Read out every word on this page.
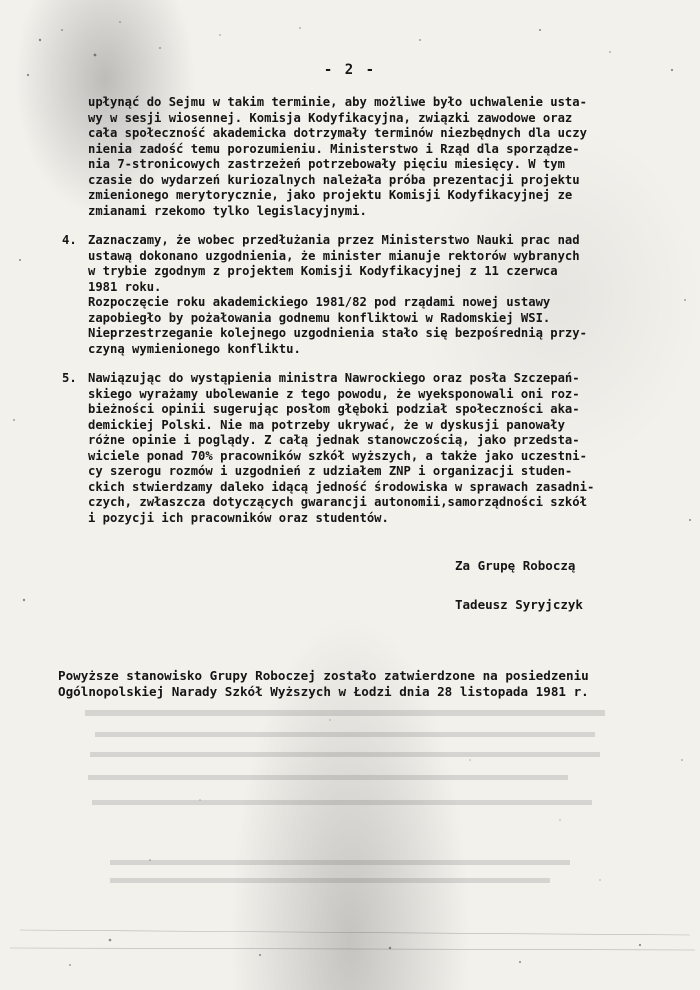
- 2 -
upłynąć do Sejmu w takim terminie, aby możliwe było uchwalenie usta-
wy w sesji wiosennej. Komisja Kodyfikacyjna, związki zawodowe oraz
cała społeczność akademicka dotrzymały terminów niezbędnych dla uczy
nienia zadość temu porozumieniu. Ministerstwo i Rząd dla sporządze-
nia 7-stronicowych zastrzeżeń potrzebowały pięciu miesięcy. W tym
czasie do wydarzeń kuriozalnych należała próba prezentacji projektu
zmienionego merytorycznie, jako projektu Komisji Kodyfikacyjnej ze
zmianami rzekomo tylko legislacyjnymi.
4. Zaznaczamy, że wobec przedłużania przez Ministerstwo Nauki prac nad
ustawą dokonano uzgodnienia, że minister mianuje rektorów wybranych
w trybie zgodnym z projektem Komisji Kodyfikacyjnej z 11 czerwca
1981 roku.
Rozpoczęcie roku akademickiego 1981/82 pod rządami nowej ustawy
zapobiegło by pożałowania godnemu konfliktowi w Radomskiej WSI.
Nieprzestrzeganie kolejnego uzgodnienia stało się bezpośrednią przy-
czyną wymienionego konfliktu.
5. Nawiązując do wystąpienia ministra Nawrockiego oraz posła Szczepań-
skiego wyrażamy ubolewanie z tego powodu, że wyeksponowali oni roz-
bieżności opinii sugerując posłom głęboki podział społeczności aka-
demickiej Polski. Nie ma potrzeby ukrywać, że w dyskusji panowały
różne opinie i poglądy. Z całą jednak stanowczością, jako przedsta-
wiciele ponad 70% pracowników szkół wyższych, a także jako uczestni-
cy szerogu rozmów i uzgodnień z udziałem ZNP i organizacji studen-
ckich stwierdzamy daleko idącą jedność środowiska w sprawach zasadni-
czych, zwłaszcza dotyczących gwarancji autonomii,samorządności szkół
i pozycji ich pracowników oraz studentów.
Za Grupę Roboczą
Tadeusz Syryjczyk
Powyższe stanowisko Grupy Roboczej zostało zatwierdzone na posiedzeniu
Ogólnopolskiej Narady Szkół Wyższych w Łodzi dnia 28 listopada 1981 r.
